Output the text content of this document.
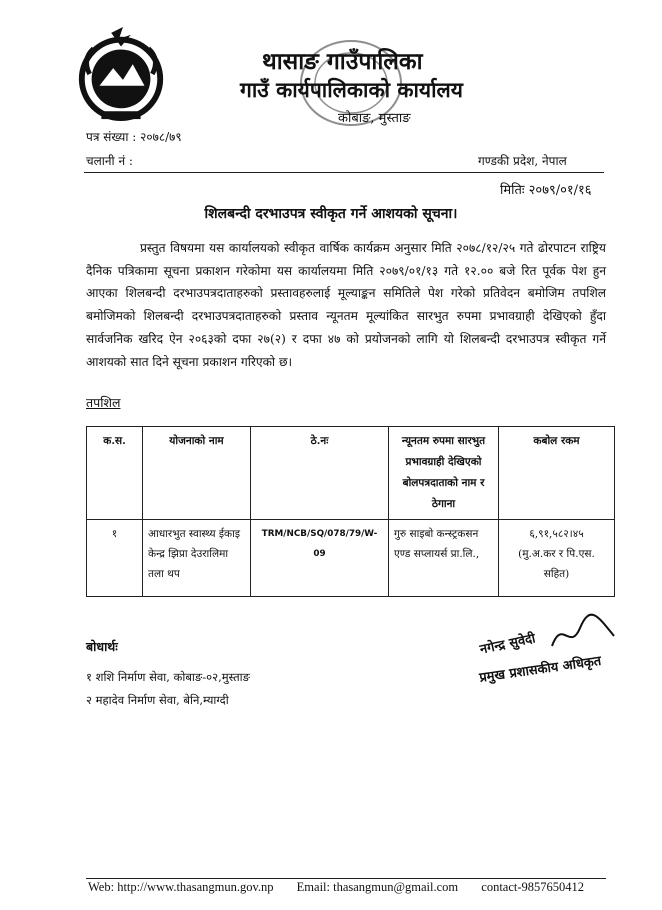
थासाङ गाउँपालिका
गाउँ कार्यपालिकाको कार्यालय
कोबाङ, मुस्ताङ
पत्र संख्या : २०७८/७९
चलानी नं :	गण्डकी प्रदेश, नेपाल
मितिः २०७९/०१/१६
शिलबन्दी दरभाउपत्र स्वीकृत गर्ने आशयको सूचना।
प्रस्तुत विषयमा यस कार्यालयको स्वीकृत वार्षिक कार्यक्रम अनुसार मिति २०७८/१२/२५ गते ढोरपाटन राष्ट्रिय दैनिक पत्रिकामा सूचना प्रकाशन गरेकोमा यस कार्यालयमा मिति २०७९/०१/१३ गते १२.०० बजे रित पूर्वक पेश हुन आएका शिलबन्दी दरभाउपत्रदाताहरुको प्रस्तावहरुलाई मूल्याङ्कन समितिले पेश गरेको प्रतिवेदन बमोजिम तपशिल बमोजिमको शिलबन्दी दरभाउपत्रदाताहरुको प्रस्ताव न्यूनतम मूल्यांकित सारभुत रुपमा प्रभावग्राही देखिएको हुँदा सार्वजनिक खरिद ऐन २०६३को दफा २७(२) र दफा ४७ को प्रयोजनको लागि यो शिलबन्दी दरभाउपत्र स्वीकृत गर्ने आशयको सात दिने सूचना प्रकाशन गरिएको छ।
तपशिल
क.स.	योजनाको नाम	ठे.नः	न्यूनतम रुपमा सारभुत प्रभावग्राही देखिएको बोलपत्रदाताको नाम र ठेगाना	कबोल रकम
१	आधारभुत स्वास्थ्य ईकाइ केन्द्र झिप्रा देउरालिमा तला थप	TRM/NCB/SQ/078/79/W-09	गुरु साइबो कन्स्ट्रकसन एण्ड सप्लायर्स प्रा.लि.,	६,९१,५८२।४५
(मु.अ.कर र पि.एस. सहित)
बोधार्थः
१ शशि निर्माण सेवा, कोबाङ-०२,मुस्ताङ
२ महादेव निर्माण सेवा, बेनि,म्याग्दी
नगेन्द्र सुवेदी
प्रमुख प्रशासकीय अधिकृत
Web: http://www.thasangmun.gov.np Email: thasangmun@gmail.com contact-9857650412
